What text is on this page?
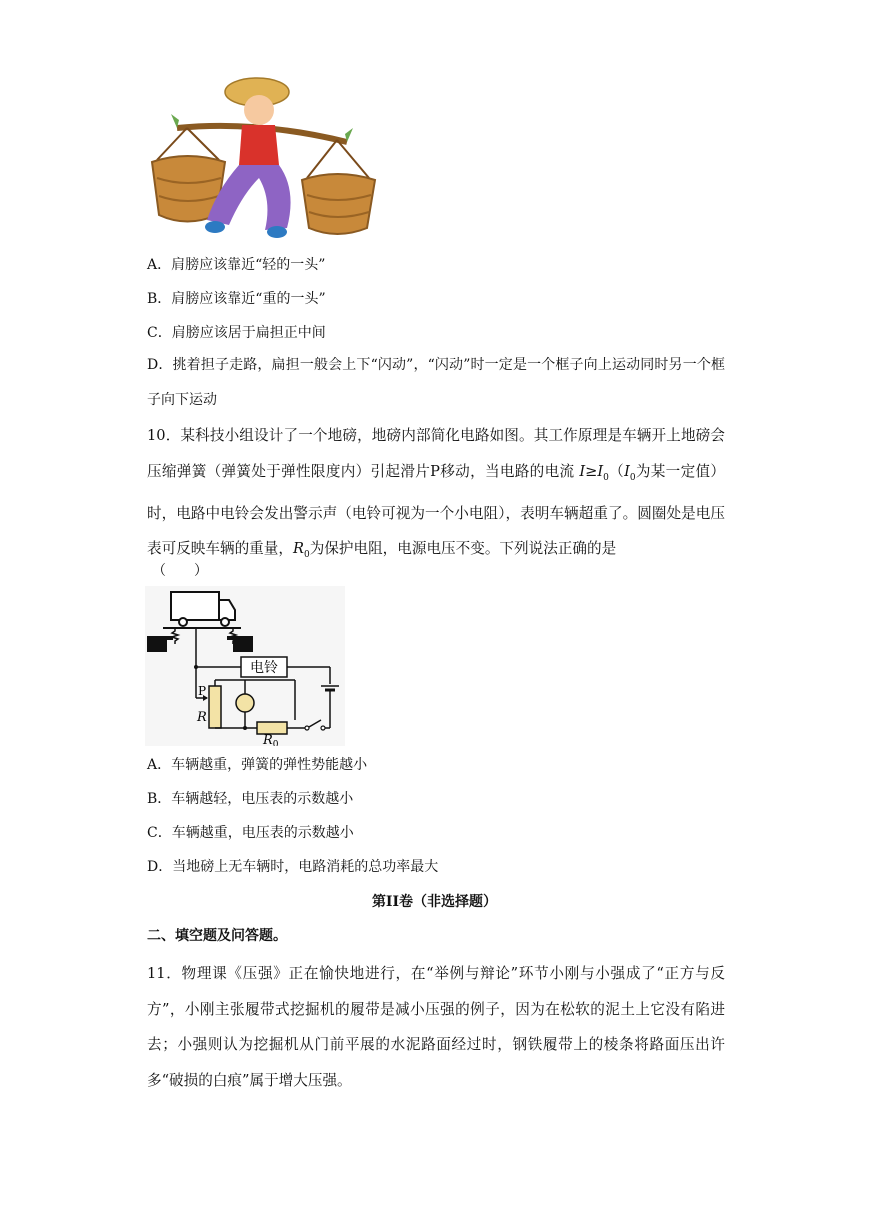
A．肩膀应该靠近“轻的一头”
B．肩膀应该靠近“重的一头”
C．肩膀应该居于扁担正中间
D．挑着担子走路，扁担一般会上下“闪动”，“闪动”时一定是一个框子向上运动同时另一个框子向下运动
10．某科技小组设计了一个地磅，地磅内部简化电路如图。其工作原理是车辆开上地磅会压缩弹簧（弹簧处于弹性限度内）引起滑片P移动，当电路的电流 $I\ge I_0(I_0$为某一定值）时，电路中电铃会发出警示声（电铃可视为一个小电阻），表明车辆超重了。圆圈处是电压表可反映车辆的重量，$R_0$为保护电阻，电源电压不变。下列说法正确的是
（　　）
电铃
P
R
$R_0$
A．车辆越重，弹簧的弹性势能越小
B．车辆越轻，电压表的示数越小
C．车辆越重，电压表的示数越小
D．当地磅上无车辆时，电路消耗的总功率最大
第II卷（非选择题）
二、填空题及问答题。
11．物理课《压强》正在愉快地进行，在“举例与辩论”环节小刚与小强成了“正方与反方”，小刚主张履带式挖掘机的履带是减小压强的例子，因为在松软的泥土上它没有陷进去；小强则认为挖掘机从门前平展的水泥路面经过时，钢铁履带上的棱条将路面压出许多“破损的白痕”属于增大压强。
